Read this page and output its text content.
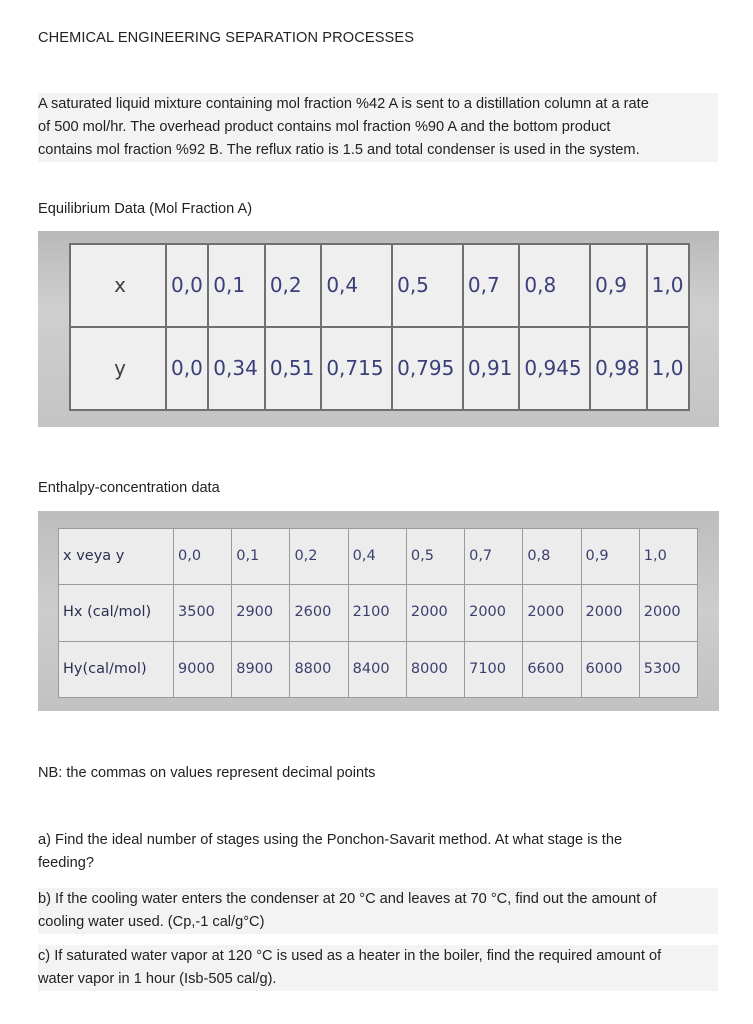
CHEMICAL ENGINEERING SEPARATION PROCESSES
A saturated liquid mixture containing mol fraction %42 A is sent to a distillation column at a rate
of 500 mol/hr. The overhead product contains mol fraction %90 A and the bottom product
contains mol fraction %92 B. The reflux ratio is 1.5 and total condenser is used in the system.
Equilibrium Data (Mol Fraction A)
Enthalpy-concentration data
NB: the commas on values represent decimal points
a) Find the ideal number of stages using the Ponchon-Savarit method. At what stage is the
feeding?
b) If the cooling water enters the condenser at 20 °C and leaves at 70 °C, find out the amount of
cooling water used. (Cp,-1 cal/g°C)
c) If saturated water vapor at 120 °C is used as a heater in the boiler, find the required amount of
water vapor in 1 hour (Isb-505 cal/g).
x	0,0	0,1	0,2	0,4	0,5	0,7	0,8	0,9	1,0
y	0,0	0,34	0,51	0,715	0,795	0,91	0,945	0,98	1,0
x veya y	0,0	0,1	0,2	0,4	0,5	0,7	0,8	0,9	1,0
Hx (cal/mol)	3500	2900	2600	2100	2000	2000	2000	2000	2000
Hy(cal/mol)	9000	8900	8800	8400	8000	7100	6600	6000	5300
